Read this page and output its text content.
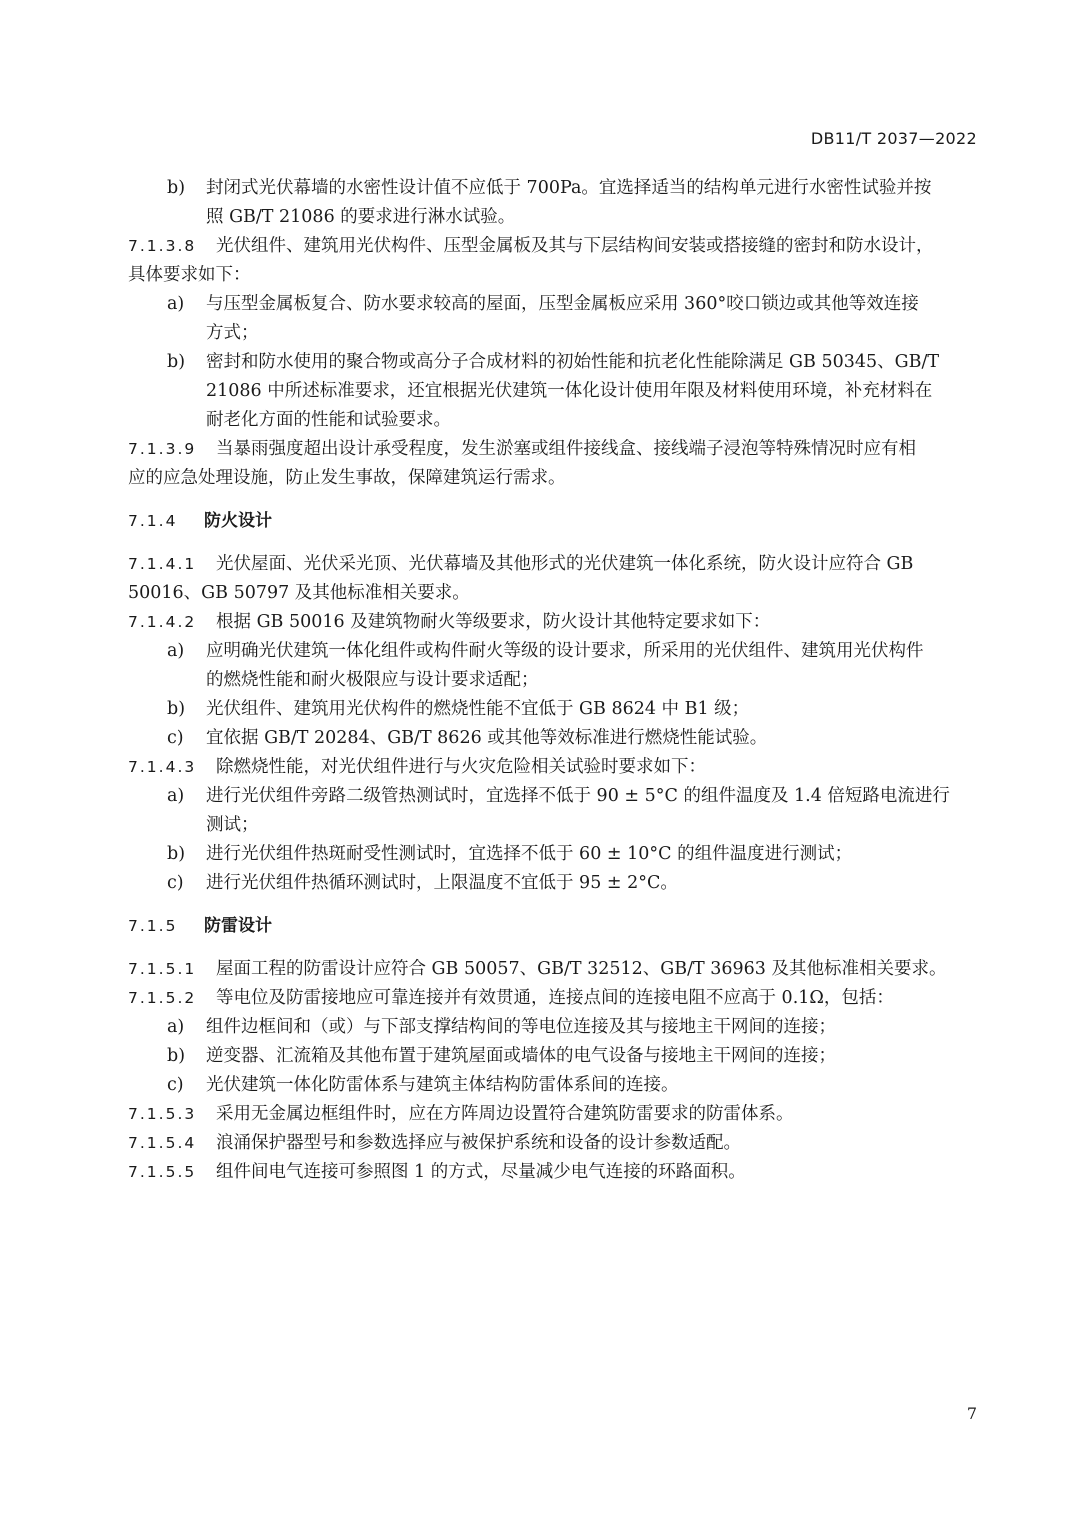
DB11/T 2037—2022
b) 封闭式光伏幕墙的水密性设计值不应低于 700Pa。宜选择适当的结构单元进行水密性试验并按
照 GB/T 21086 的要求进行淋水试验。
7.1.3.8 光伏组件、建筑用光伏构件、压型金属板及其与下层结构间安装或搭接缝的密封和防水设计，
具体要求如下：
a) 与压型金属板复合、防水要求较高的屋面，压型金属板应采用 360°咬口锁边或其他等效连接
方式；
b) 密封和防水使用的聚合物或高分子合成材料的初始性能和抗老化性能除满足 GB 50345、GB/T
21086 中所述标准要求，还宜根据光伏建筑一体化设计使用年限及材料使用环境，补充材料在
耐老化方面的性能和试验要求。
7.1.3.9 当暴雨强度超出设计承受程度，发生淤塞或组件接线盒、接线端子浸泡等特殊情况时应有相
应的应急处理设施，防止发生事故，保障建筑运行需求。
7.1.4 防火设计
7.1.4.1 光伏屋面、光伏采光顶、光伏幕墙及其他形式的光伏建筑一体化系统，防火设计应符合 GB
50016、GB 50797 及其他标准相关要求。
7.1.4.2 根据 GB 50016 及建筑物耐火等级要求，防火设计其他特定要求如下：
a) 应明确光伏建筑一体化组件或构件耐火等级的设计要求，所采用的光伏组件、建筑用光伏构件
的燃烧性能和耐火极限应与设计要求适配；
b) 光伏组件、建筑用光伏构件的燃烧性能不宜低于 GB 8624 中 B1 级；
c) 宜依据 GB/T 20284、GB/T 8626 或其他等效标准进行燃烧性能试验。
7.1.4.3 除燃烧性能，对光伏组件进行与火灾危险相关试验时要求如下：
a) 进行光伏组件旁路二级管热测试时，宜选择不低于 90 ± 5°C 的组件温度及 1.4 倍短路电流进行
测试；
b) 进行光伏组件热斑耐受性测试时，宜选择不低于 60 ± 10°C 的组件温度进行测试；
c) 进行光伏组件热循环测试时，上限温度不宜低于 95 ± 2°C。
7.1.5 防雷设计
7.1.5.1 屋面工程的防雷设计应符合 GB 50057、GB/T 32512、GB/T 36963 及其他标准相关要求。
7.1.5.2 等电位及防雷接地应可靠连接并有效贯通，连接点间的连接电阻不应高于 0.1Ω，包括：
a) 组件边框间和（或）与下部支撑结构间的等电位连接及其与接地主干网间的连接；
b) 逆变器、汇流箱及其他布置于建筑屋面或墙体的电气设备与接地主干网间的连接；
c) 光伏建筑一体化防雷体系与建筑主体结构防雷体系间的连接。
7.1.5.3 采用无金属边框组件时，应在方阵周边设置符合建筑防雷要求的防雷体系。
7.1.5.4 浪涌保护器型号和参数选择应与被保护系统和设备的设计参数适配。
7.1.5.5 组件间电气连接可参照图 1 的方式，尽量减少电气连接的环路面积。
7
